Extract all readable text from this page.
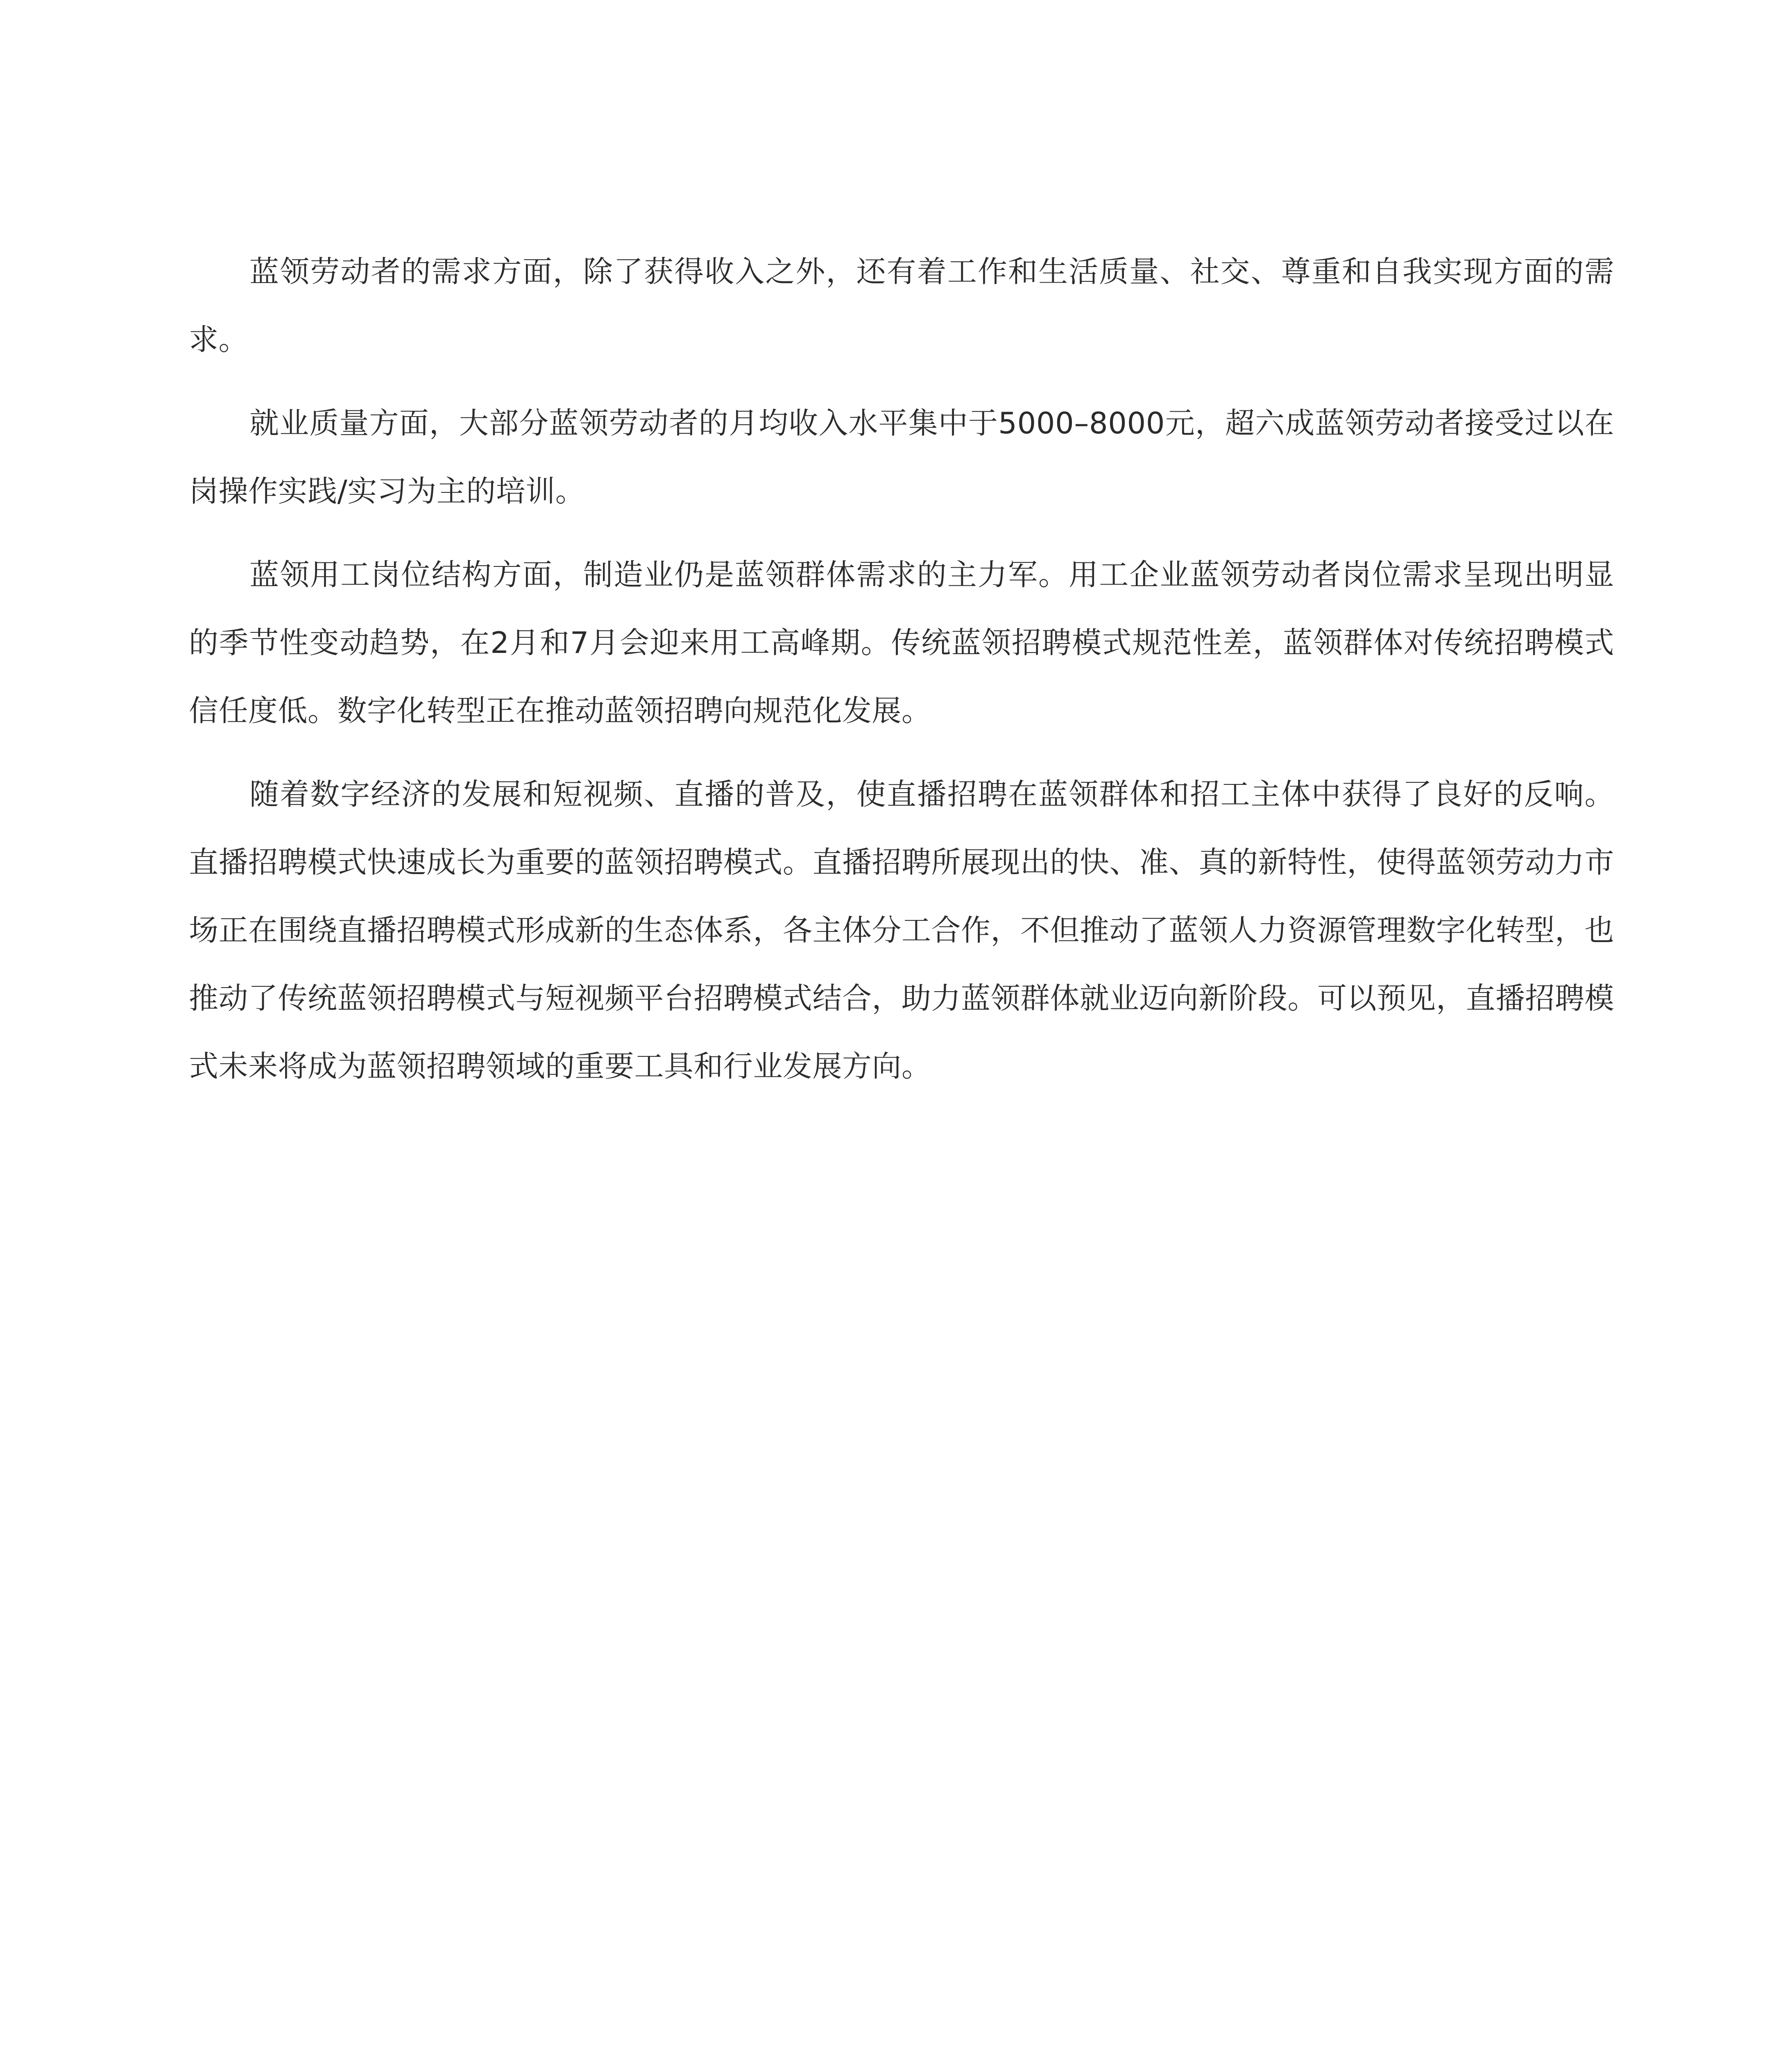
蓝领劳动者的需求方面，除了获得收入之外，还有着工作和生活质量、社交、尊重和自我实现方面的需求。

就业质量方面，大部分蓝领劳动者的月均收入水平集中于5000–8000元，超六成蓝领劳动者接受过以在岗操作实践/实习为主的培训。

蓝领用工岗位结构方面，制造业仍是蓝领群体需求的主力军。用工企业蓝领劳动者岗位需求呈现出明显的季节性变动趋势，在2月和7月会迎来用工高峰期。传统蓝领招聘模式规范性差，蓝领群体对传统招聘模式信任度低。数字化转型正在推动蓝领招聘向规范化发展。

随着数字经济的发展和短视频、直播的普及，使直播招聘在蓝领群体和招工主体中获得了良好的反响。直播招聘模式快速成长为重要的蓝领招聘模式。直播招聘所展现出的快、准、真的新特性，使得蓝领劳动力市场正在围绕直播招聘模式形成新的生态体系，各主体分工合作，不但推动了蓝领人力资源管理数字化转型，也推动了传统蓝领招聘模式与短视频平台招聘模式结合，助力蓝领群体就业迈向新阶段。可以预见，直播招聘模式未来将成为蓝领招聘领域的重要工具和行业发展方向。
